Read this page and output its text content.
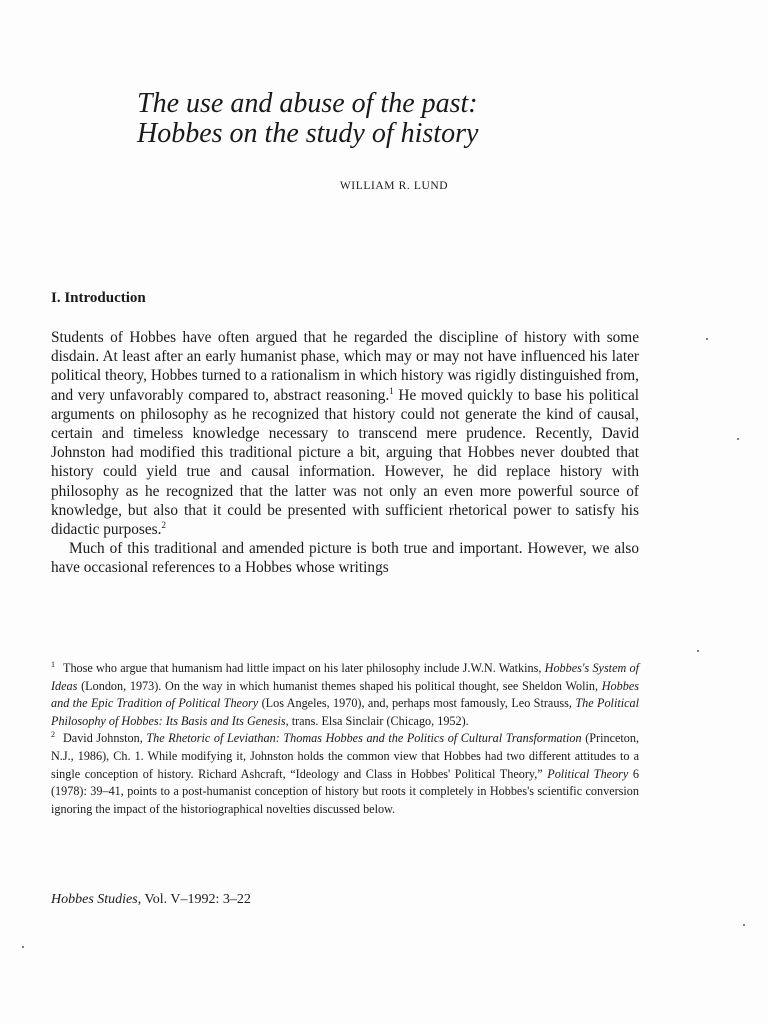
The use and abuse of the past:
Hobbes on the study of history
WILLIAM R. LUND
I. Introduction

Students of Hobbes have often argued that he regarded the discipline of history with some disdain. At least after an early humanist phase, which may or may not have influenced his later political theory, Hobbes turned to a rationalism in which history was rigidly distinguished from, and very unfavorably compared to, abstract reasoning.$^1$ He moved quickly to base his political arguments on philosophy as he recognized that history could not generate the kind of causal, certain and timeless knowledge necessary to transcend mere prudence. Recently, David Johnston had modified this traditional picture a bit, arguing that Hobbes never doubted that history could yield true and causal information. However, he did replace history with philosophy as he recognized that the latter was not only an even more powerful source of knowledge, but also that it could be presented with sufficient rhetorical power to satisfy his didactic purposes.$^2$

Much of this traditional and amended picture is both true and important. However, we also have occasional references to a Hobbes whose writings

$^1$ Those who argue that humanism had little impact on his later philosophy include J.W.N. Watkins, Hobbes's System of Ideas (London, 1973). On the way in which humanist themes shaped his political thought, see Sheldon Wolin, Hobbes and the Epic Tradition of Political Theory (Los Angeles, 1970), and, perhaps most famously, Leo Strauss, The Political Philosophy of Hobbes: Its Basis and Its Genesis, trans. Elsa Sinclair (Chicago, 1952).

$^2$ David Johnston, The Rhetoric of Leviathan: Thomas Hobbes and the Politics of Cultural Transformation (Princeton, N.J., 1986), Ch. 1. While modifying it, Johnston holds the common view that Hobbes had two different attitudes to a single conception of history. Richard Ashcraft, “Ideology and Class in Hobbes' Political Theory,” Political Theory 6 (1978): 39–41, points to a post-humanist conception of history but roots it completely in Hobbes's scientific conversion ignoring the impact of the historiographical novelties discussed below.

Hobbes Studies, Vol. V–1992: 3–22
